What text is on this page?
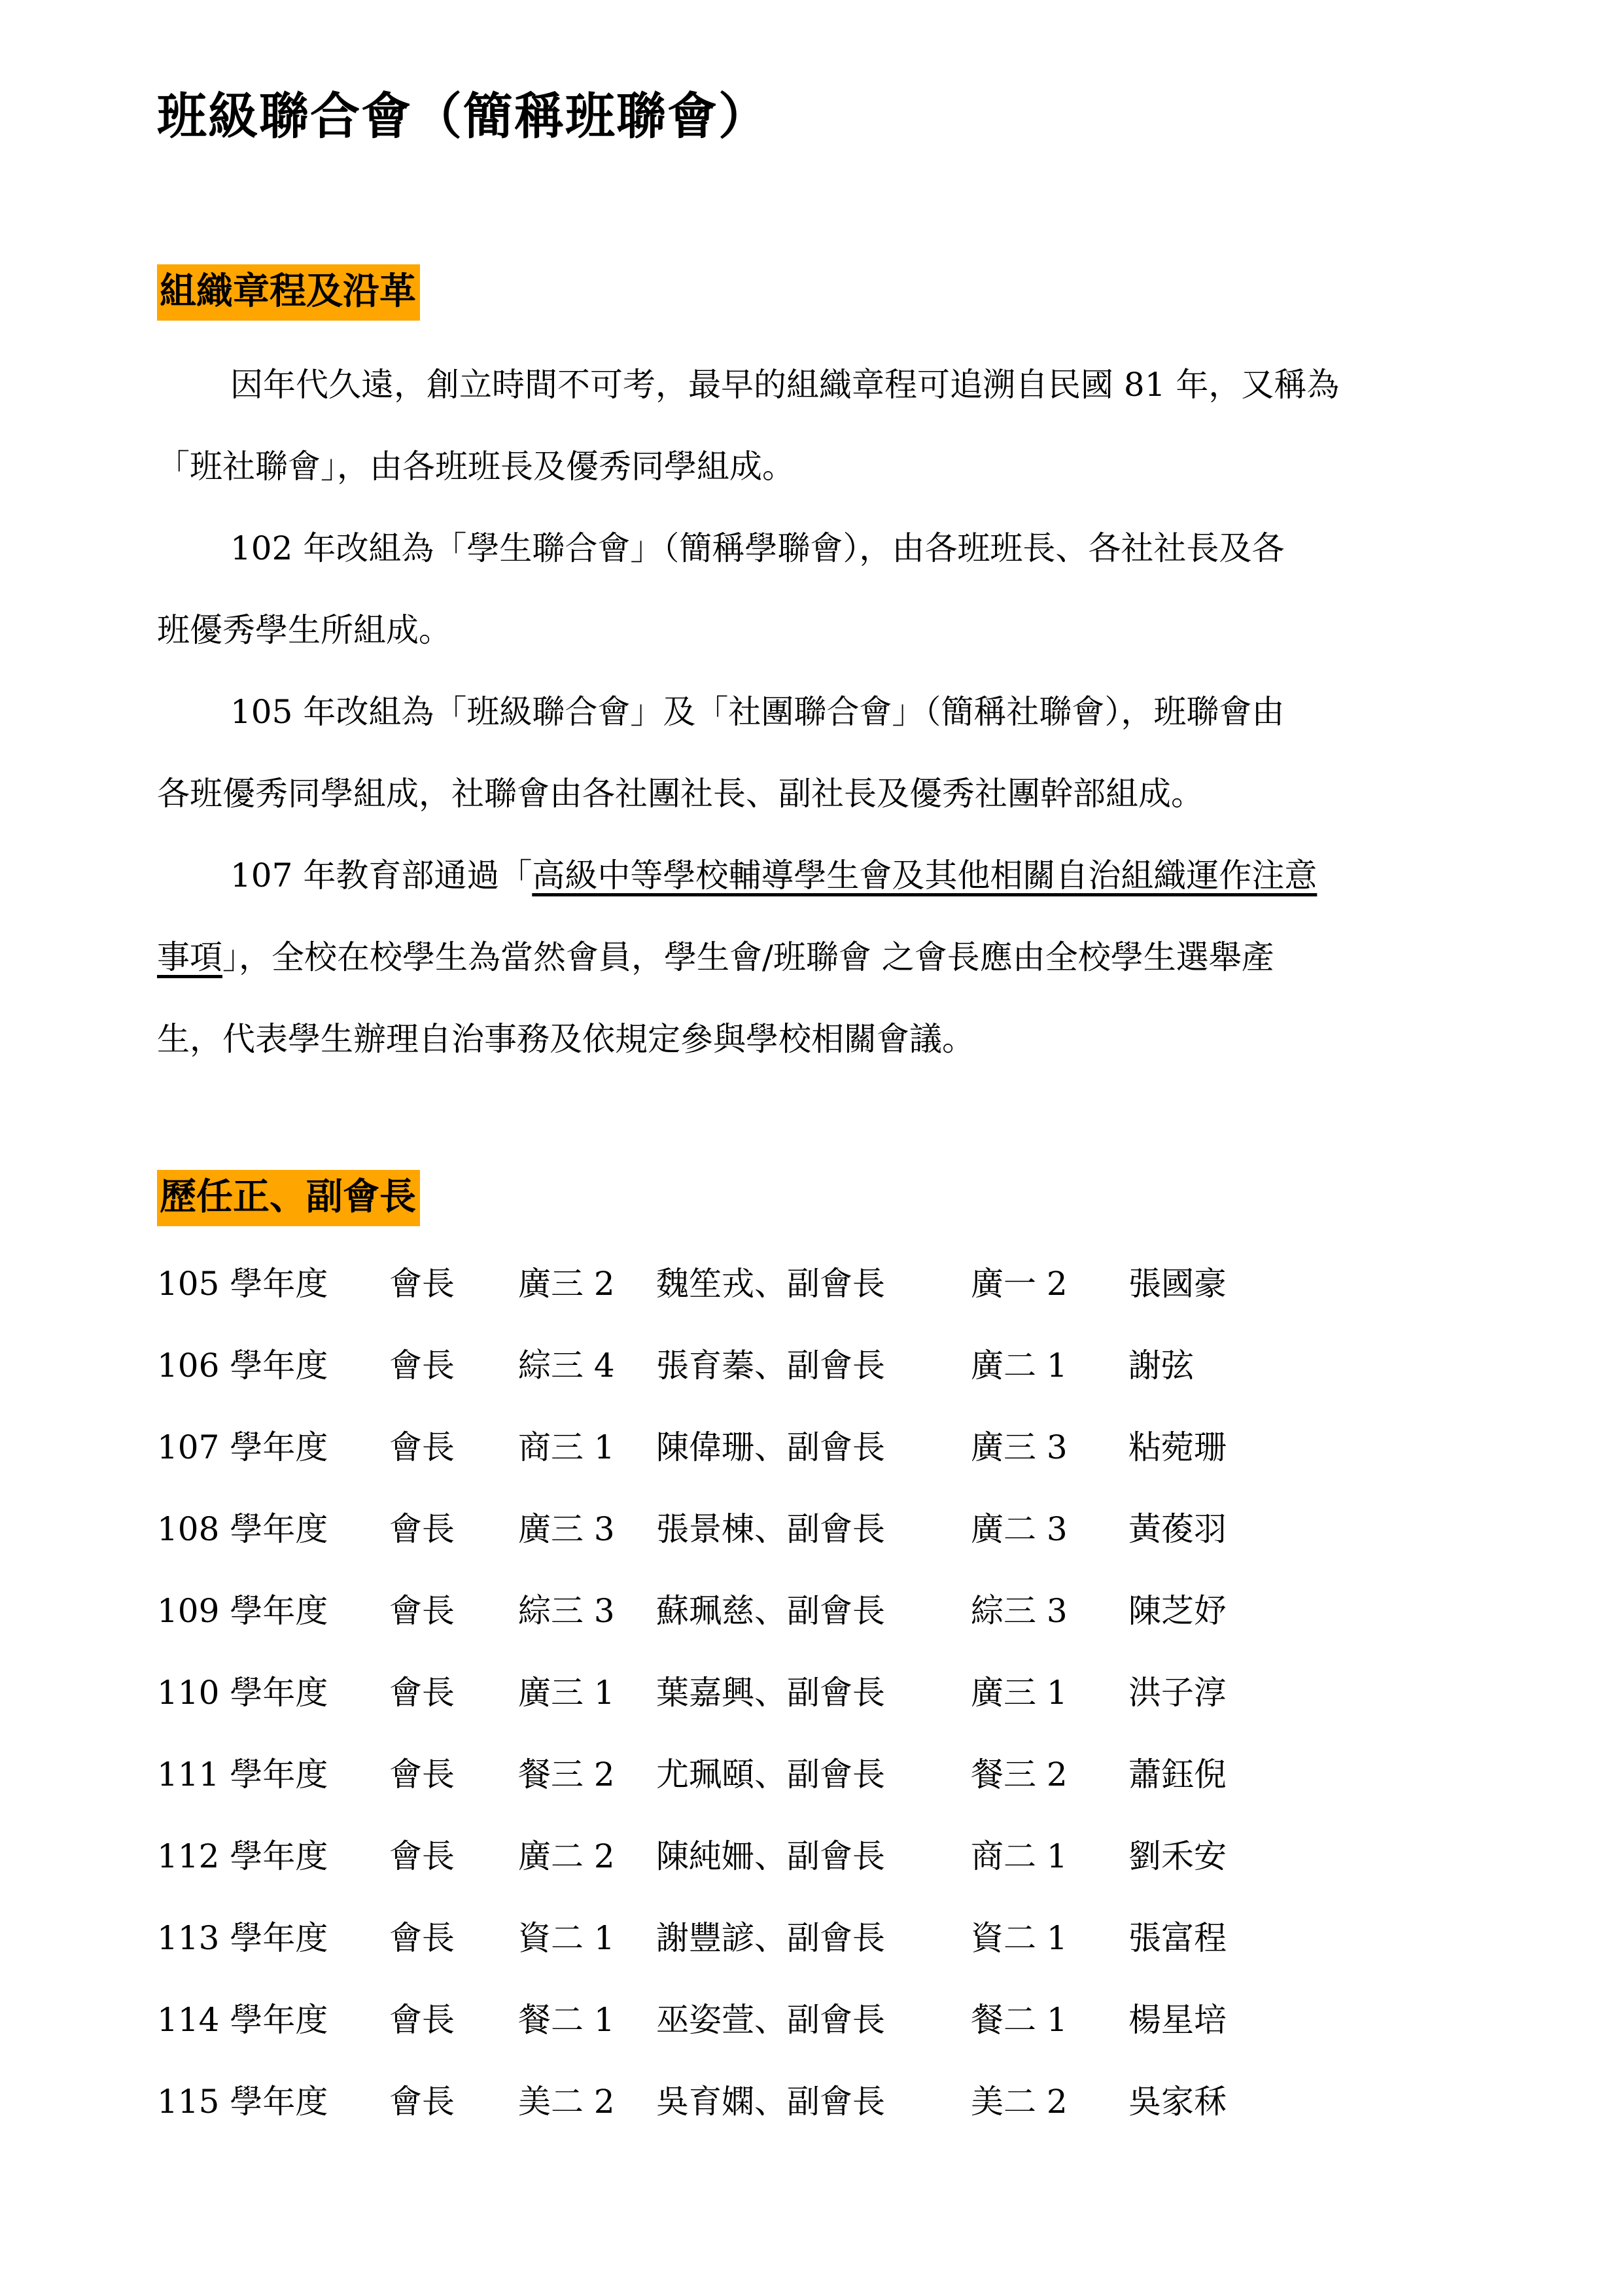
班級聯合會（簡稱班聯會）
組織章程及沿革

因年代久遠，創立時間不可考，最早的組織章程可追溯自民國 81 年，又稱為
「班社聯會」，由各班班長及優秀同學組成。

102 年改組為「學生聯合會」（簡稱學聯會），由各班班長、各社社長及各
班優秀學生所組成。

105 年改組為「班級聯合會」及「社團聯合會」（簡稱社聯會），班聯會由
各班優秀同學組成，社聯會由各社團社長、副社長及優秀社團幹部組成。

107 年教育部通過「高級中等學校輔導學生會及其他相關自治組織運作注意
事項」，全校在校學生為當然會員，學生會/班聯會 之會長應由全校學生選舉產
生，代表學生辦理自治事務及依規定參與學校相關會議。

歷任正、副會長
105 學年度 會長 廣三 2 魏笙戎、副會長	廣一 2 張國豪
106 學年度 會長 綜三 4 張育蓁、副會長	廣二 1 謝弦
107 學年度 會長 商三 1 陳偉珊、副會長	廣三 3 粘菀珊
108 學年度 會長 廣三 3 張景棟、副會長	廣二 3 黃葰羽
109 學年度 會長 綜三 3 蘇珮慈、副會長	綜三 3 陳芝妤
110 學年度 會長 廣三 1 葉嘉興、副會長	廣三 1 洪子淳
111 學年度 會長 餐三 2 尤珮頤、副會長	餐三 2 蕭鈺倪
112 學年度 會長 廣二 2 陳純姍、副會長	商二 1 劉禾安
113 學年度 會長 資二 1 謝豐諺、副會長	資二 1 張富程
114 學年度 會長 餐二 1 巫姿萱、副會長	餐二 1 楊星培
115 學年度 會長 美二 2 吳育嫻、副會長	美二 2 吳家秝
